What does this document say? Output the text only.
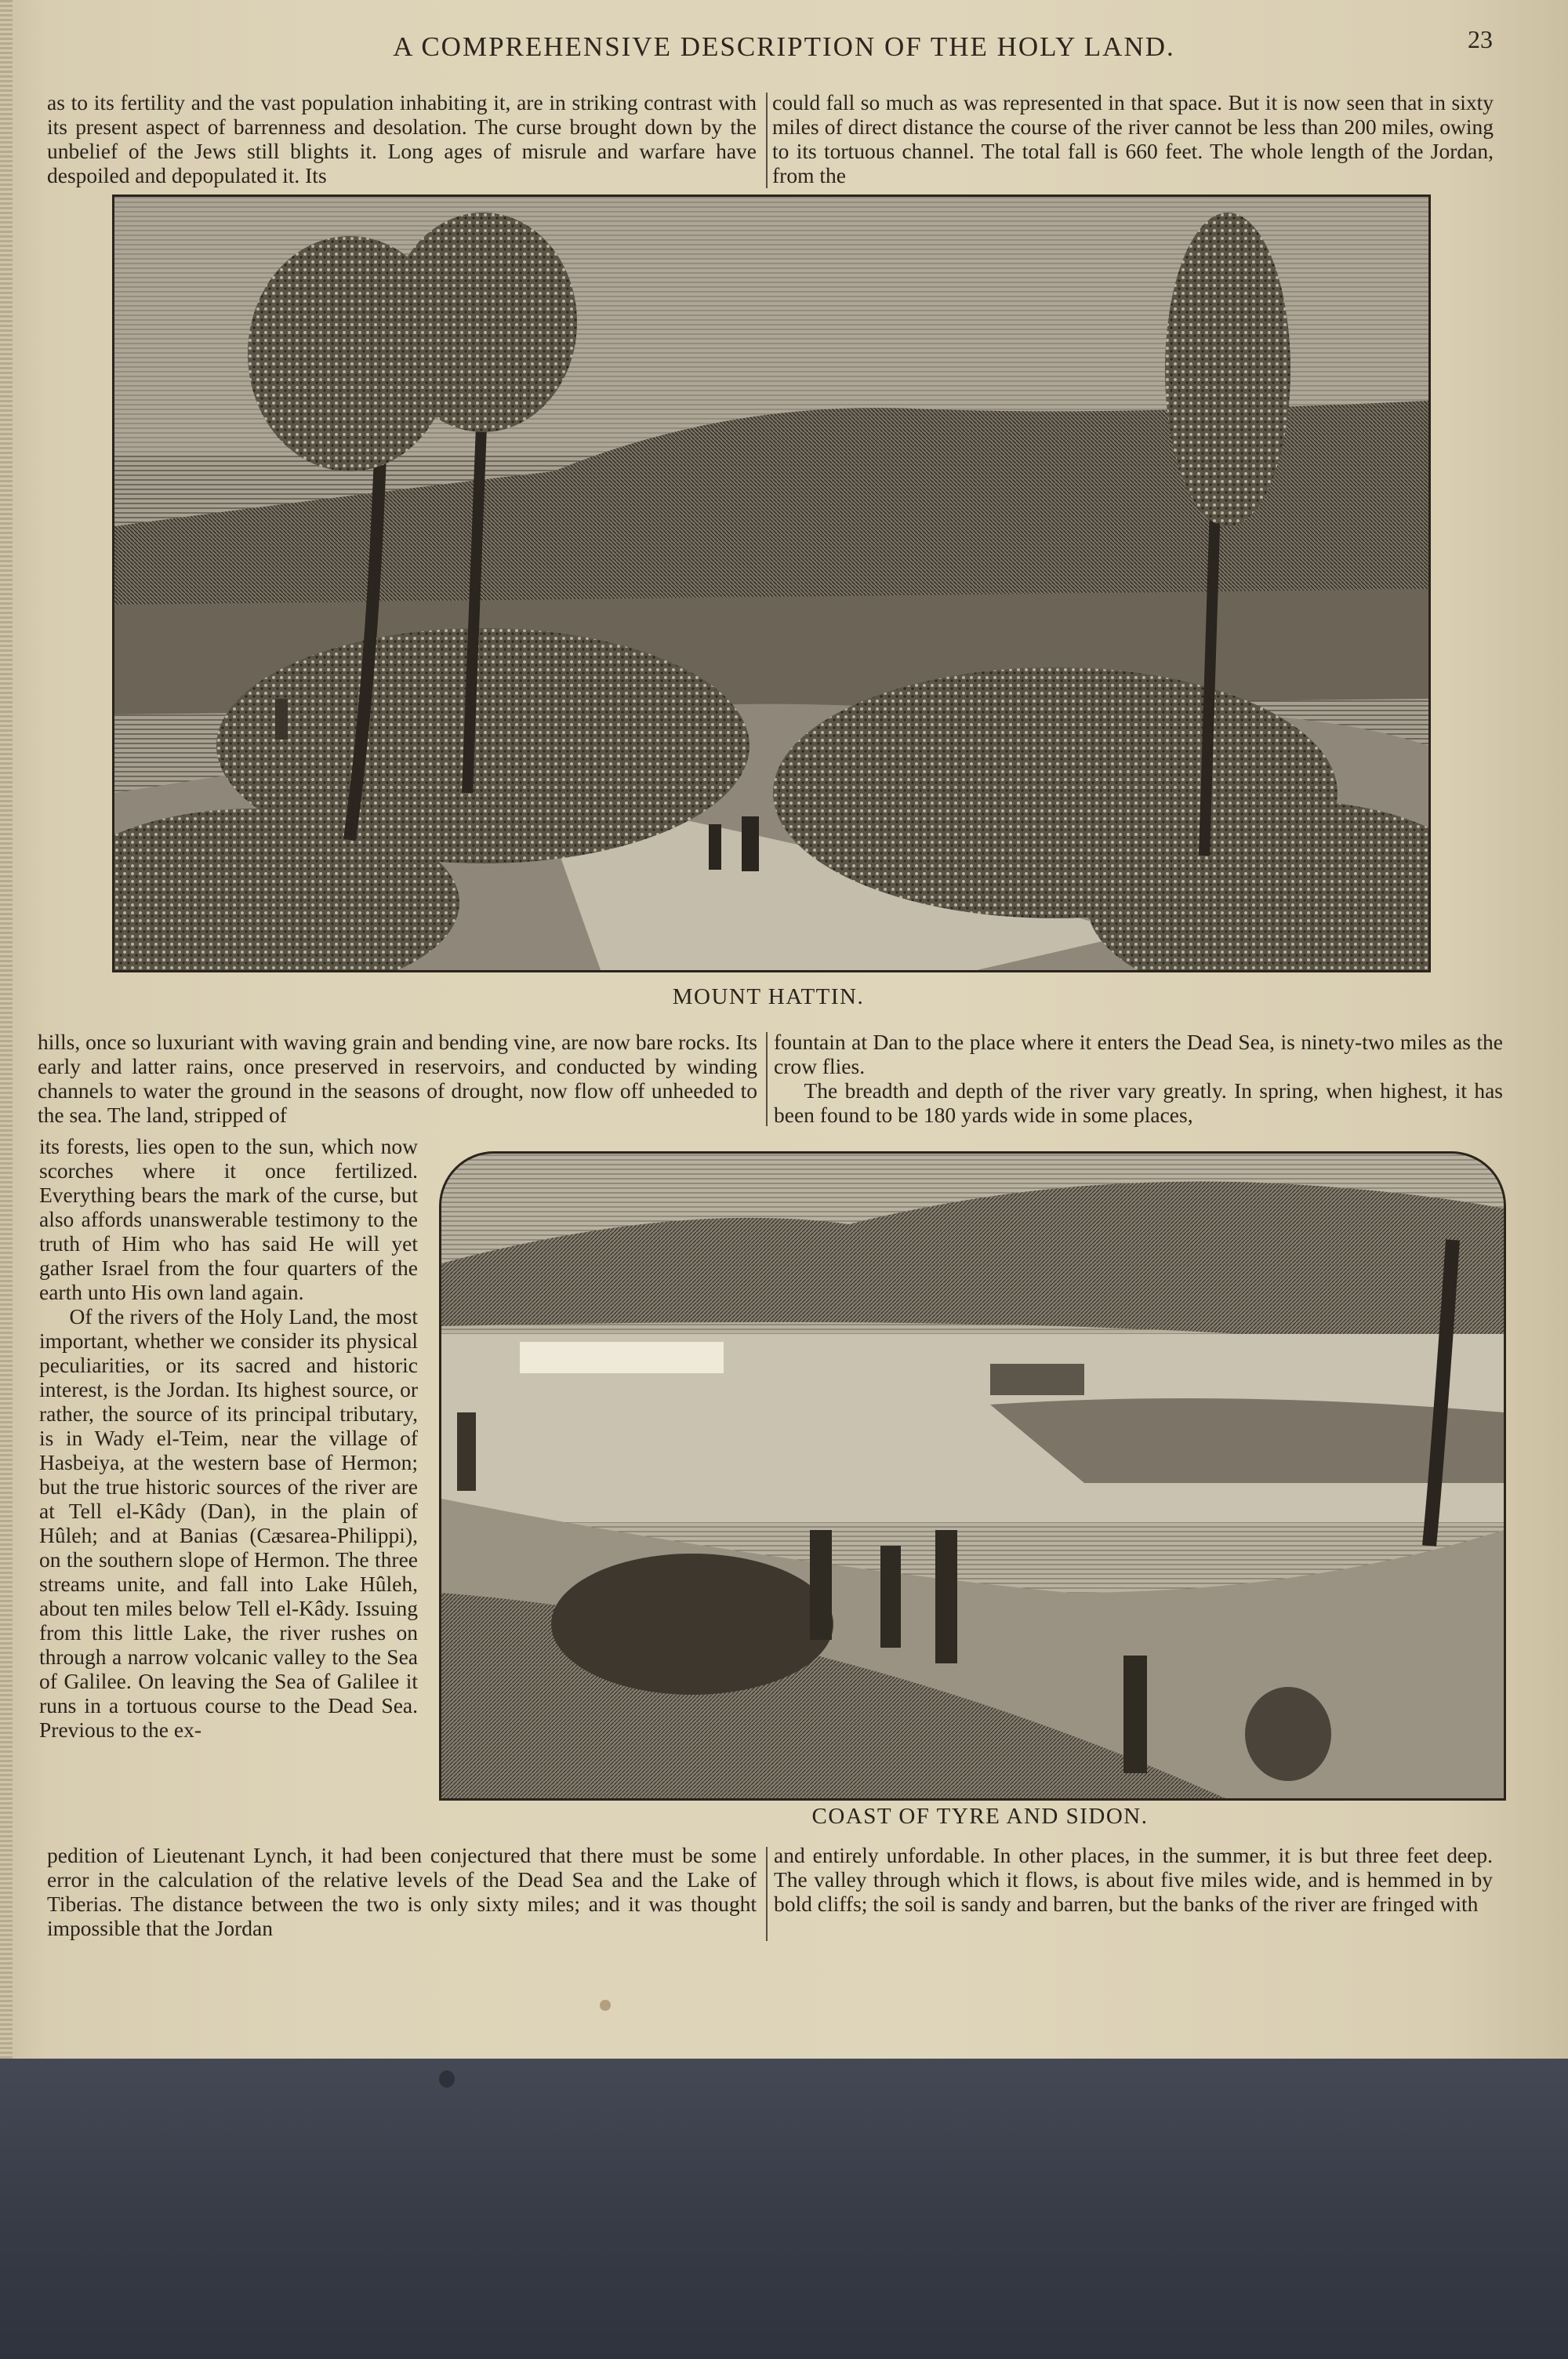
A COMPREHENSIVE DESCRIPTION OF THE HOLY LAND.	23

as to its fertility and the vast population inhabiting it, are in striking contrast with its present aspect of barrenness and desolation. The curse brought down by the unbelief of the Jews still blights it. Long ages of misrule and warfare have despoiled and depopulated it. Its

could fall so much as was represented in that space. But it is now seen that in sixty miles of direct distance the course of the river cannot be less than 200 miles, owing to its tortuous channel. The total fall is 660 feet. The whole length of the Jordan, from the

MOUNT HATTIN.

hills, once so luxuriant with waving grain and bending vine, are now bare rocks. Its early and latter rains, once preserved in reservoirs, and conducted by winding channels to water the ground in the seasons of drought, now flow off unheeded to the sea. The land, stripped of

fountain at Dan to the place where it enters the Dead Sea, is ninety-two miles as the crow flies.

The breadth and depth of the river vary greatly. In spring, when highest, it has been found to be 180 yards wide in some places,

its forests, lies open to the sun, which now scorches where it once fertilized. Everything bears the mark of the curse, but also affords unanswerable testimony to the truth of Him who has said He will yet gather Israel from the four quarters of the earth unto His own land again.

Of the rivers of the Holy Land, the most important, whether we consider its physical peculiarities, or its sacred and historic interest, is the Jordan. Its highest source, or rather, the source of its principal tributary, is in Wady el-Teim, near the village of Hasbeiya, at the western base of Hermon; but the true historic sources of the river are at Tell el-Kâdy (Dan), in the plain of Hûleh; and at Banias (Cæsarea-Philippi), on the southern slope of Hermon. The three streams unite, and fall into Lake Hûleh, about ten miles below Tell el-Kâdy. Issuing from this little Lake, the river rushes on through a narrow volcanic valley to the Sea of Galilee. On leaving the Sea of Galilee it runs in a tortuous course to the Dead Sea. Previous to the ex-

COAST OF TYRE AND SIDON.

pedition of Lieutenant Lynch, it had been conjectured that there must be some error in the calculation of the relative levels of the Dead Sea and the Lake of Tiberias. The distance between the two is only sixty miles; and it was thought impossible that the Jordan

and entirely unfordable. In other places, in the summer, it is but three feet deep. The valley through which it flows, is about five miles wide, and is hemmed in by bold cliffs; the soil is sandy and barren, but the banks of the river are fringed with
